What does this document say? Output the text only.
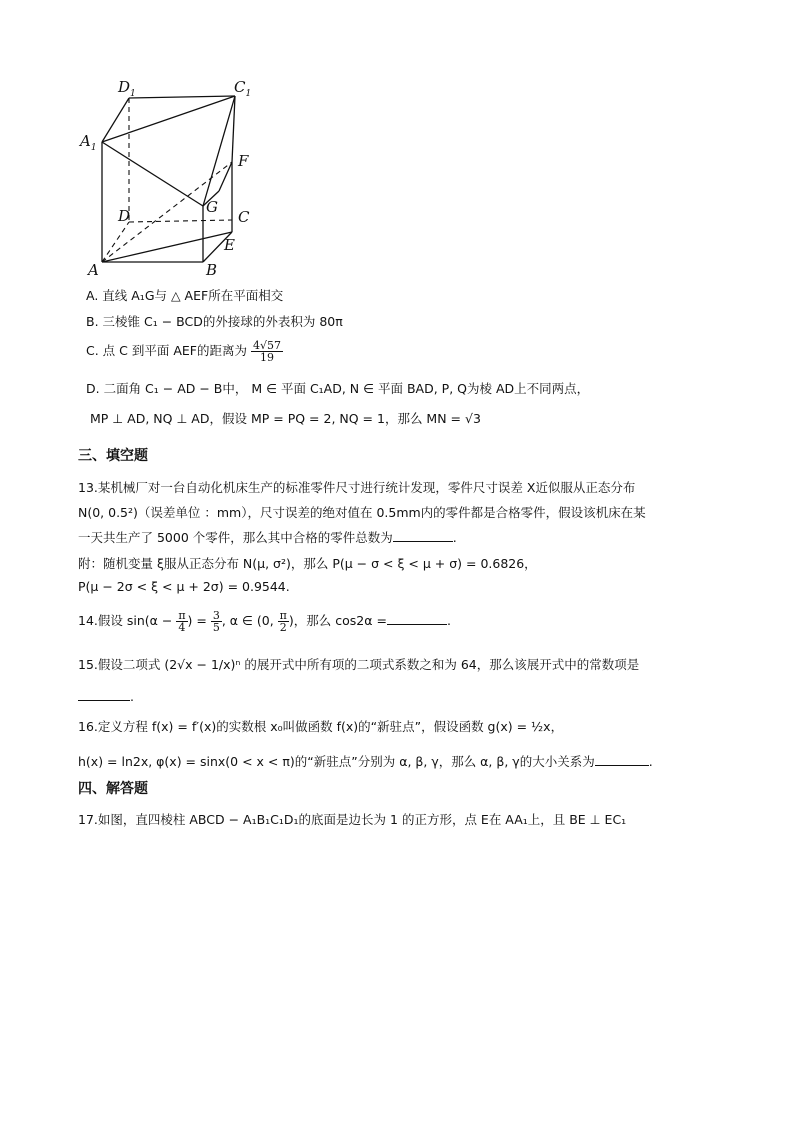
$D_1$	$C_1$
$A_1$
F
G
D	C
E
A	B
A. 直线 A₁G与 △ AEF所在平面相交
B. 三棱锥 C₁ − BCD的外接球的外表积为 80π
C. 点 C 到平面 AEF的距离为 $\frac{4√57}{19}$
D. 二面角 C₁ − AD − B中， M ∈ 平面 C₁AD, N ∈ 平面 BAD, P, Q为棱 AD上不同两点，
MP ⊥ AD, NQ ⊥ AD，假设 MP = PQ = 2, NQ = 1，那么 MN = √3
三、填空题
13.某机械厂对一台自动化机床生产的标准零件尺寸进行统计发现，零件尺寸误差 X近似服从正态分布
N(0, 0.5²)（误差单位 ：mm），尺寸误差的绝对值在 0.5mm内的零件都是合格零件，假设该机床在某
一天共生产了 5000 个零件，那么其中合格的零件总数为	.
附：随机变量 ξ服从正态分布 N(μ, σ²)，那么 P(μ − σ < ξ < μ + σ) = 0.6826，
P(μ − 2σ < ξ < μ + 2σ) = 0.9544.
14.假设 $\sin(\alpha - \frac{\pi}{4}$ ) = $\frac{3}{5}$ , α ∈ (0, $\frac{\pi}{2}$ )，那么 cos2α =	.
15.假设二项式 (2√x − 1/x)ⁿ 的展开式中所有项的二项式系数之和为 64，那么该展开式中的常数项是
.
16.定义方程 f(x) = f′(x)的实数根 x₀叫做函数 f(x)的“新驻点”，假设函数 g(x) = ½x，
h(x) = ln2x, φ(x) = sinx(0 < x < π)的“新驻点”分别为 α, β, γ，那么 α, β, γ的大小关系为	.
四、解答题
17.如图，直四棱柱 ABCD − A₁B₁C₁D₁的底面是边长为 1 的正方形，点 E在 AA₁上，且 BE ⊥ EC₁
